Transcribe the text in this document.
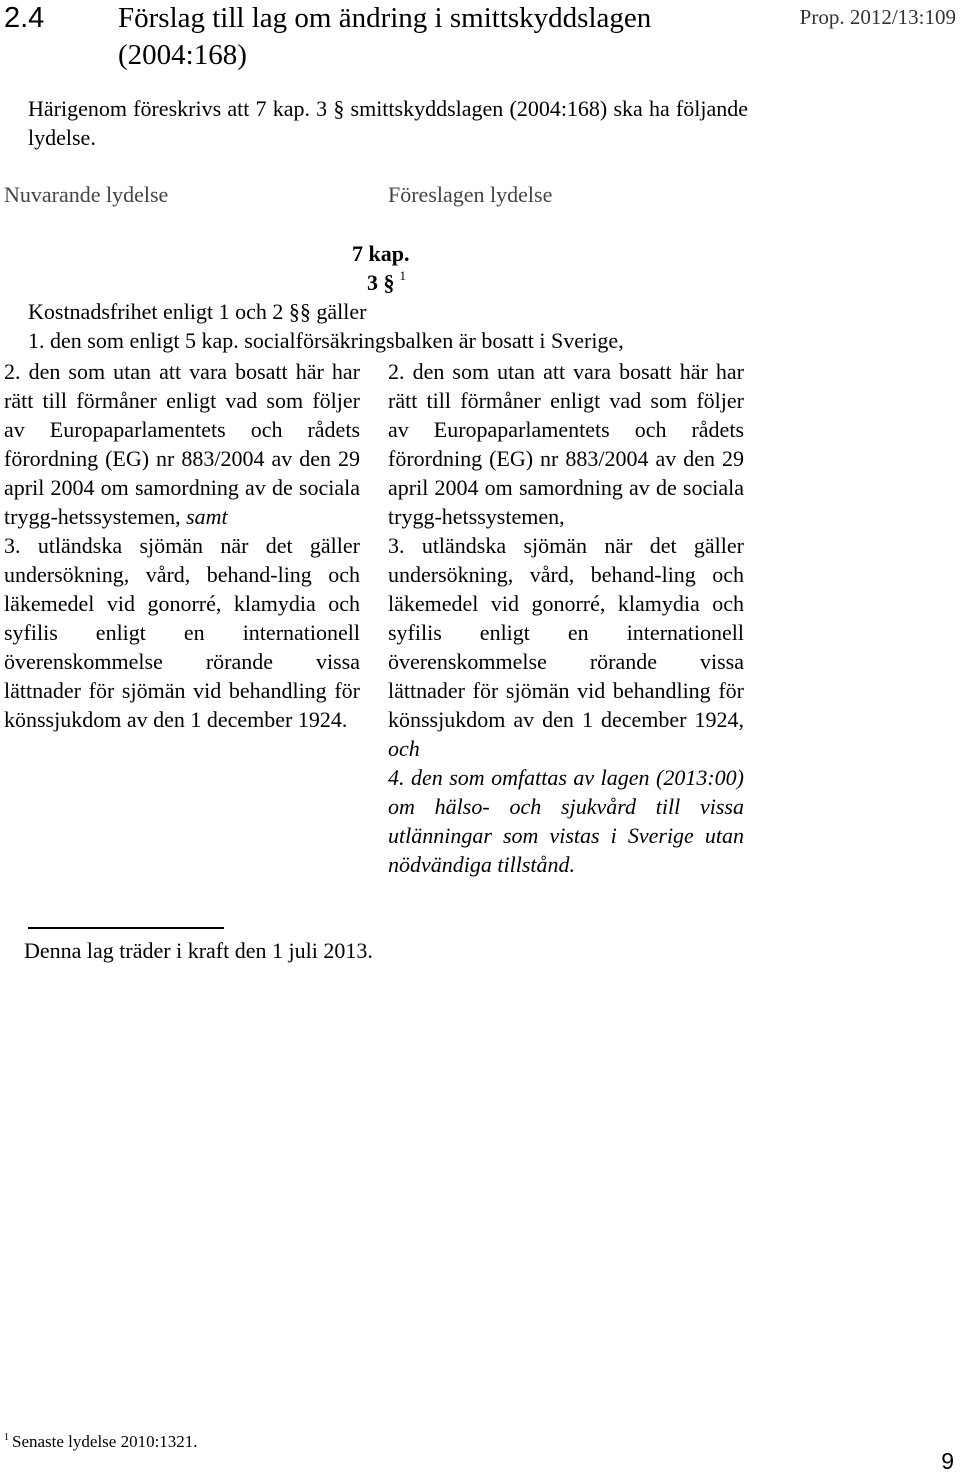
2.4	Förslag till lag om ändring i smittskyddslagen (2004:168)
Prop. 2012/13:109
Härigenom föreskrivs att 7 kap. 3 § smittskyddslagen (2004:168) ska ha följande lydelse.
Nuvarande lydelse	Föreslagen lydelse
7 kap.
3 § $^1$
Kostnadsfrihet enligt 1 och 2 §§ gäller
1. den som enligt 5 kap. socialförsäkringsbalken är bosatt i Sverige,

2. den som utan att vara bosatt här har rätt till förmåner enligt vad som följer av Europaparlamentets och rådets förordning (EG) nr 883/2004 av den 29 april 2004 om samordning av de sociala trygg-hetssystemen, samt

3. utländska sjömän när det gäller undersökning, vård, behand-ling och läkemedel vid gonorré, klamydia och syfilis enligt en internationell överenskommelse rörande vissa lättnader för sjömän vid behandling för könssjukdom av den 1 december 1924.

2. den som utan att vara bosatt här har rätt till förmåner enligt vad som följer av Europaparlamentets och rådets förordning (EG) nr 883/2004 av den 29 april 2004 om samordning av de sociala trygg-hetssystemen,

3. utländska sjömän när det gäller undersökning, vård, behand-ling och läkemedel vid gonorré, klamydia och syfilis enligt en internationell överenskommelse rörande vissa lättnader för sjömän vid behandling för könssjukdom av den 1 december 1924, och

4. den som omfattas av lagen (2013:00) om hälso- och sjukvård till vissa utlänningar som vistas i Sverige utan nödvändiga tillstånd.

Denna lag träder i kraft den 1 juli 2013.
$^1$ Senaste lydelse 2010:1321.
9
